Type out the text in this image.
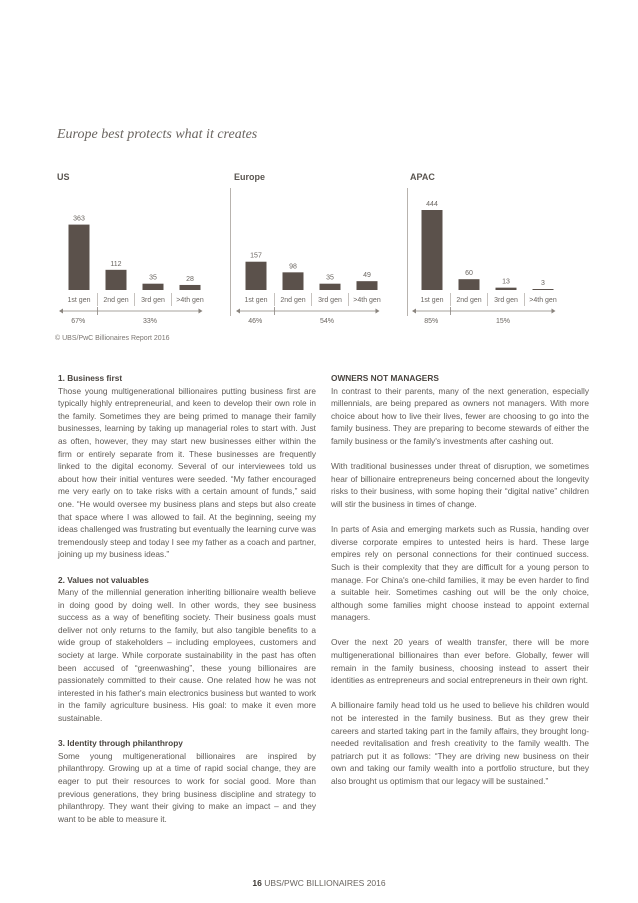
Europe best protects what it creates
US
363
1st gen
112
2nd gen
35
3rd gen
28
>4th gen
67%	33%
Europe
157
1st gen
98
2nd gen
35
3rd gen
49
>4th gen
46%	54%
APAC
444
1st gen
60
2nd gen
13
3rd gen
3
>4th gen
85%	15%
© UBS/PwC Billionaires Report 2016
1. Business first

Those young multigenerational billionaires putting business first are typically highly entrepreneurial, and keen to develop their own role in the family. Sometimes they are being primed to manage their family businesses, learning by taking up managerial roles to start with. Just as often, however, they may start new businesses either within the firm or entirely separate from it. These businesses are frequently linked to the digital economy. Several of our interviewees told us about how their initial ventures were seeded. “My father encouraged me very early on to take risks with a certain amount of funds,” said one. “He would oversee my business plans and steps but also create that space where I was allowed to fail. At the beginning, seeing my ideas challenged was frustrating but eventually the learning curve was tremendously steep and today I see my father as a coach and partner, joining up my business ideas.”

2. Values not valuables

Many of the millennial generation inheriting billionaire wealth believe in doing good by doing well. In other words, they see business success as a way of benefiting society. Their business goals must deliver not only returns to the family, but also tangible benefits to a wide group of stakeholders – including employees, customers and society at large. While corporate sustainability in the past has often been accused of “greenwashing”, these young billionaires are passionately committed to their cause. One related how he was not interested in his father's main electronics business but wanted to work in the family agriculture business. His goal: to make it even more sustainable.

3. Identity through philanthropy

Some young multigenerational billionaires are inspired by philanthropy. Growing up at a time of rapid social change, they are eager to put their resources to work for social good. More than previous generations, they bring business discipline and strategy to philanthropy. They want their giving to make an impact – and they want to be able to measure it.

OWNERS NOT MANAGERS

In contrast to their parents, many of the next generation, especially millennials, are being prepared as owners not managers. With more choice about how to live their lives, fewer are choosing to go into the family business. They are preparing to become stewards of either the family business or the family's investments after cashing out.

With traditional businesses under threat of disruption, we sometimes hear of billionaire entrepreneurs being concerned about the longevity risks to their business, with some hoping their “digital native” children will stir the business in times of change.

In parts of Asia and emerging markets such as Russia, handing over diverse corporate empires to untested heirs is hard. These large empires rely on personal connections for their continued success. Such is their complexity that they are difficult for a young person to manage. For China's one-child families, it may be even harder to find a suitable heir. Sometimes cashing out will be the only choice, although some families might choose instead to appoint external managers.

Over the next 20 years of wealth transfer, there will be more multigenerational billionaires than ever before. Globally, fewer will remain in the family business, choosing instead to assert their identities as entrepreneurs and social entrepreneurs in their own right.

A billionaire family head told us he used to believe his children would not be interested in the family business. But as they grew their careers and started taking part in the family affairs, they brought long-needed revitalisation and fresh creativity to the family wealth. The patriarch put it as follows: “They are driving new business on their own and taking our family wealth into a portfolio structure, but they also brought us optimism that our legacy will be sustained.”

16 UBS/PWC BILLIONAIRES 2016
